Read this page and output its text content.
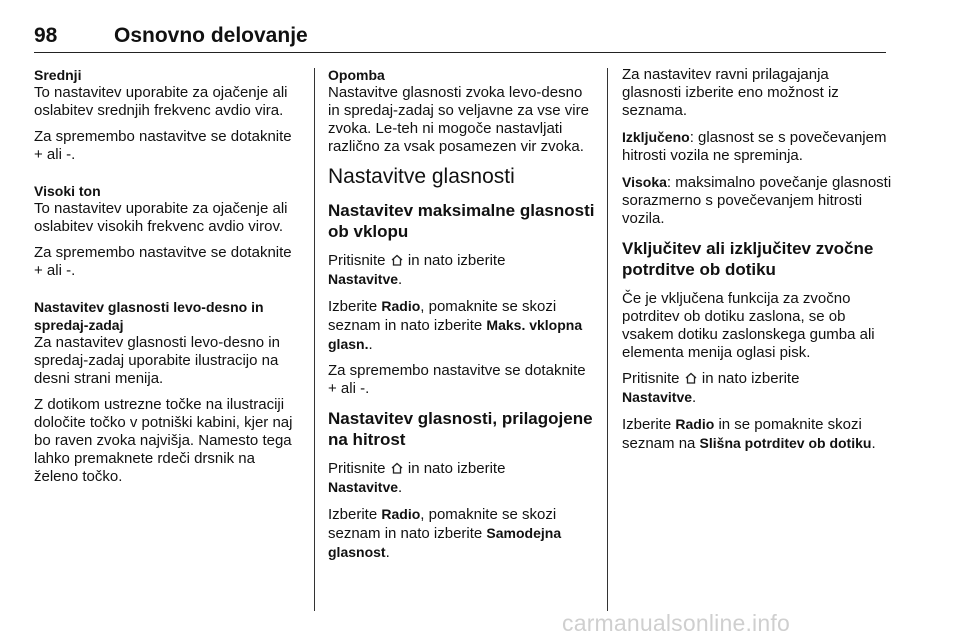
98	Osnovno delovanje
Srednji

To nastavitev uporabite za ojačenje ali oslabitev srednjih frekvenc avdio vira.

Za spremembo nastavitve se dotaknite + ali -.

Visoki ton

To nastavitev uporabite za ojačenje ali oslabitev visokih frekvenc avdio virov.

Za spremembo nastavitve se dotaknite + ali -.

Nastavitev glasnosti levo-desno in spredaj-zadaj

Za nastavitev glasnosti levo-desno in spredaj-zadaj uporabite ilustracijo na desni strani menija.

Z dotikom ustrezne točke na ilustraciji določite točko v potniški kabini, kjer naj bo raven zvoka najvišja. Namesto tega lahko premaknete rdeči drsnik na želeno točko.

Opomba

Nastavitve glasnosti zvoka levo-desno in spredaj-zadaj so veljavne za vse vire zvoka. Le-teh ni mogoče nastavljati različno za vsak posamezen vir zvoka.

Nastavitve glasnosti
Nastavitev maksimalne glasnosti ob vklopu

Pritisnite in nato izberite
Nastavitve.

Izberite Radio, pomaknite se skozi seznam in nato izberite Maks. vklopna glasn..

Za spremembo nastavitve se dotaknite + ali -.

Nastavitev glasnosti, prilagojene na hitrost

Pritisnite in nato izberite
Nastavitve.

Izberite Radio, pomaknite se skozi seznam in nato izberite Samodejna glasnost.

Za nastavitev ravni prilagajanja glasnosti izberite eno možnost iz seznama.

Izključeno: glasnost se s povečevanjem hitrosti vozila ne spreminja.

Visoka: maksimalno povečanje glasnosti sorazmerno s povečevanjem hitrosti vozila.

Vključitev ali izključitev zvočne potrditve ob dotiku

Če je vključena funkcija za zvočno potrditev ob dotiku zaslona, se ob vsakem dotiku zaslonskega gumba ali elementa menija oglasi pisk.

Pritisnite in nato izberite
Nastavitve.

Izberite Radio in se pomaknite skozi seznam na Slišna potrditev ob dotiku.

carmanualsonline.info
